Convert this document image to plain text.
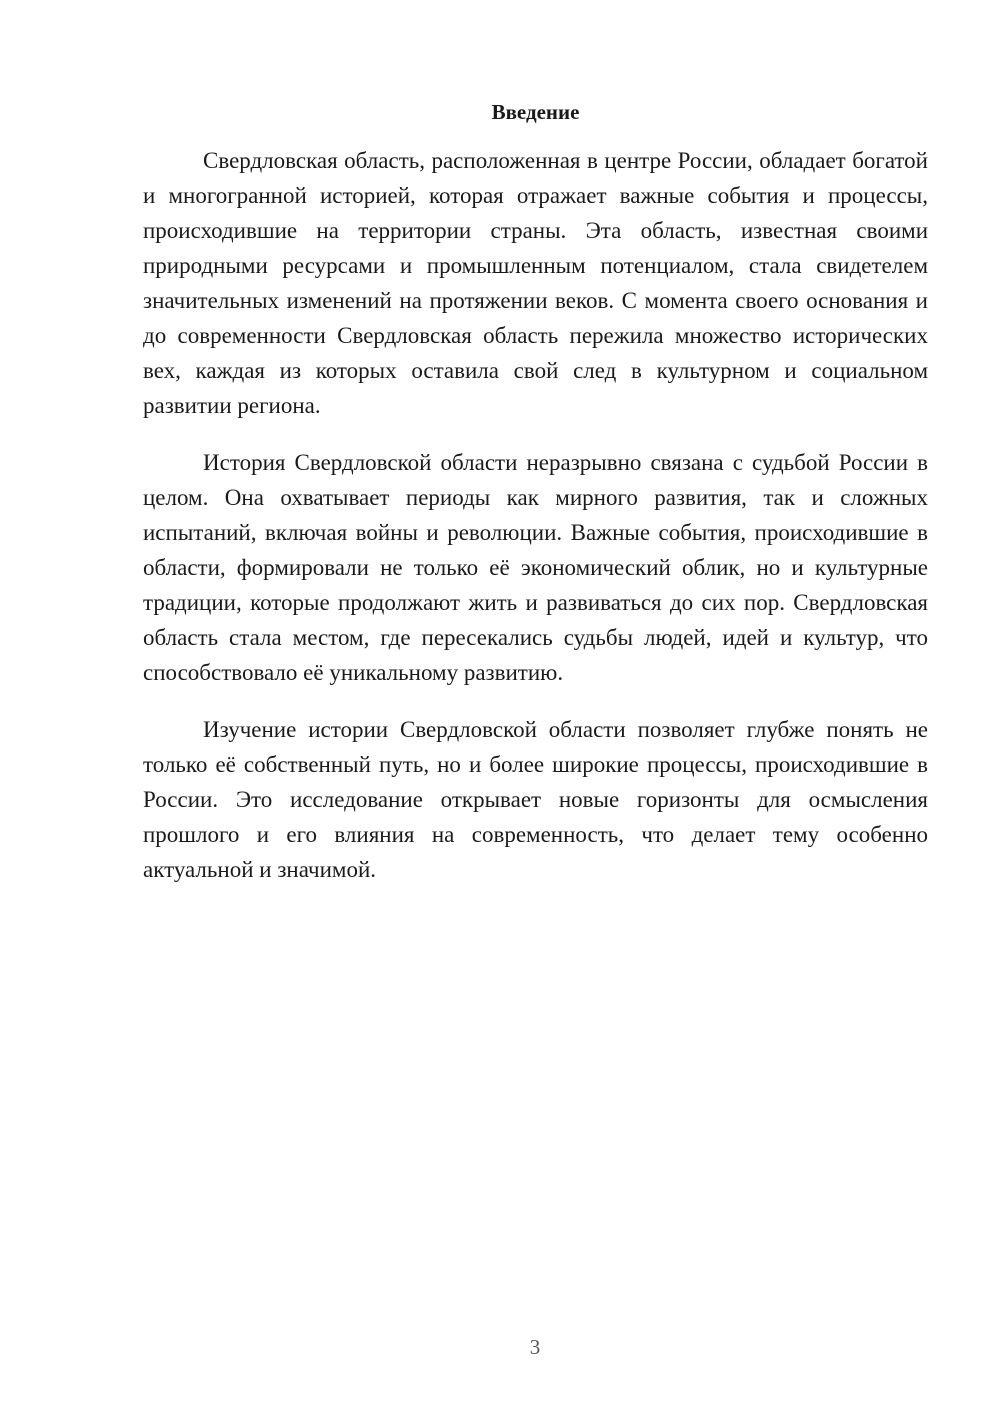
Введение

Свердловская область, расположенная в центре России, обладает богатой и многогранной историей, которая отражает важные события и процессы, происходившие на территории страны. Эта область, известная своими природными ресурсами и промышленным потенциалом, стала свидетелем значительных изменений на протяжении веков. С момента своего основания и до современности Свердловская область пережила множество исторических вех, каждая из которых оставила свой след в культурном и социальном развитии региона.

История Свердловской области неразрывно связана с судьбой России в целом. Она охватывает периоды как мирного развития, так и сложных испытаний, включая войны и революции. Важные события, происходившие в области, формировали не только её экономический облик, но и культурные традиции, которые продолжают жить и развиваться до сих пор. Свердловская область стала местом, где пересекались судьбы людей, идей и культур, что способствовало её уникальному развитию.

Изучение истории Свердловской области позволяет глубже понять не только её собственный путь, но и более широкие процессы, происходившие в России. Это исследование открывает новые горизонты для осмысления прошлого и его влияния на современность, что делает тему особенно актуальной и значимой.

3
